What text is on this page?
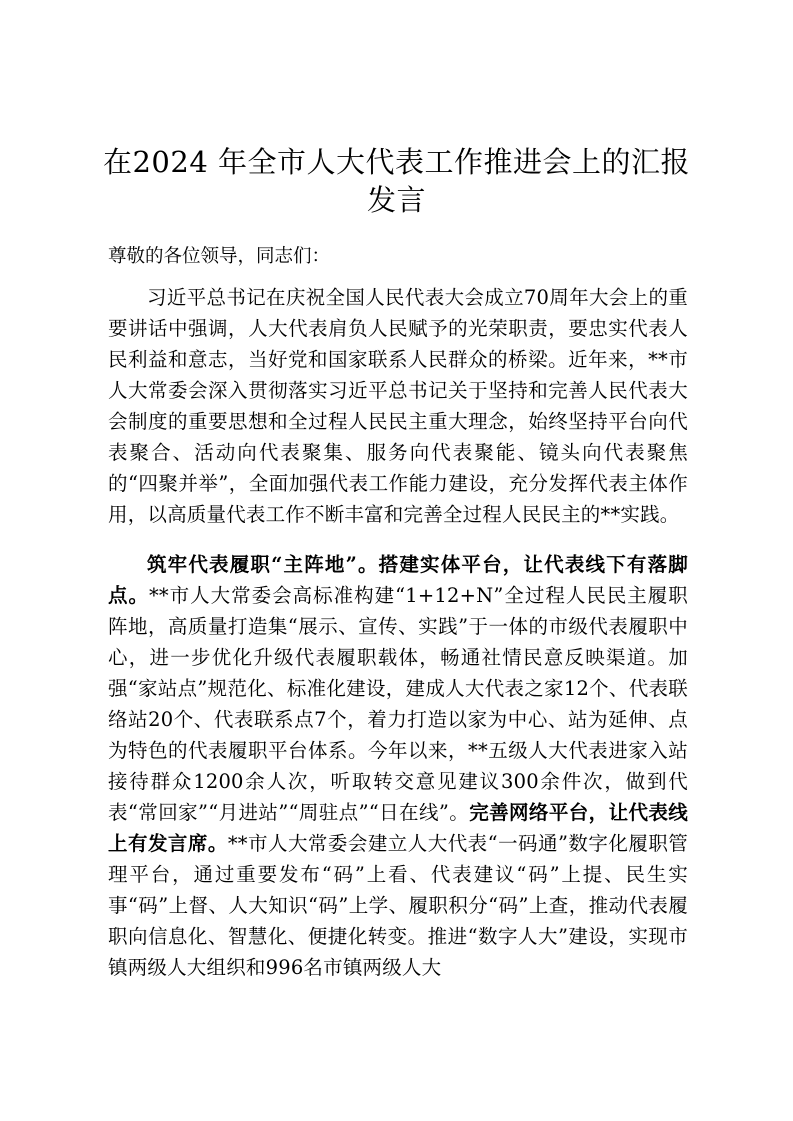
在2024 年全市人大代表工作推进会上的汇报发言
尊敬的各位领导，同志们：

习近平总书记在庆祝全国人民代表大会成立70周年大会上的重要讲话中强调，人大代表肩负人民赋予的光荣职责，要忠实代表人民利益和意志，当好党和国家联系人民群众的桥梁。近年来，**市人大常委会深入贯彻落实习近平总书记关于坚持和完善人民代表大会制度的重要思想和全过程人民民主重大理念，始终坚持平台向代表聚合、活动向代表聚集、服务向代表聚能、镜头向代表聚焦的“四聚并举”，全面加强代表工作能力建设，充分发挥代表主体作用，以高质量代表工作不断丰富和完善全过程人民民主的**实践。

筑牢代表履职“主阵地”。搭建实体平台，让代表线下有落脚点。**市人大常委会高标准构建“1+12+N”全过程人民民主履职阵地，高质量打造集“展示、宣传、实践”于一体的市级代表履职中心，进一步优化升级代表履职载体，畅通社情民意反映渠道。加强“家站点”规范化、标准化建设，建成人大代表之家12个、代表联络站20个、代表联系点7个，着力打造以家为中心、站为延伸、点为特色的代表履职平台体系。今年以来，**五级人大代表进家入站接待群众1200余人次，听取转交意见建议300余件次，做到代表“常回家”“月进站”“周驻点”“日在线”。完善网络平台，让代表线上有发言席。**市人大常委会建立人大代表“一码通”数字化履职管理平台，通过重要发布“码”上看、代表建议“码”上提、民生实事“码”上督、人大知识“码”上学、履职积分“码”上查，推动代表履职向信息化、智慧化、便捷化转变。推进“数字人大”建设，实现市镇两级人大组织和996名市镇两级人大
